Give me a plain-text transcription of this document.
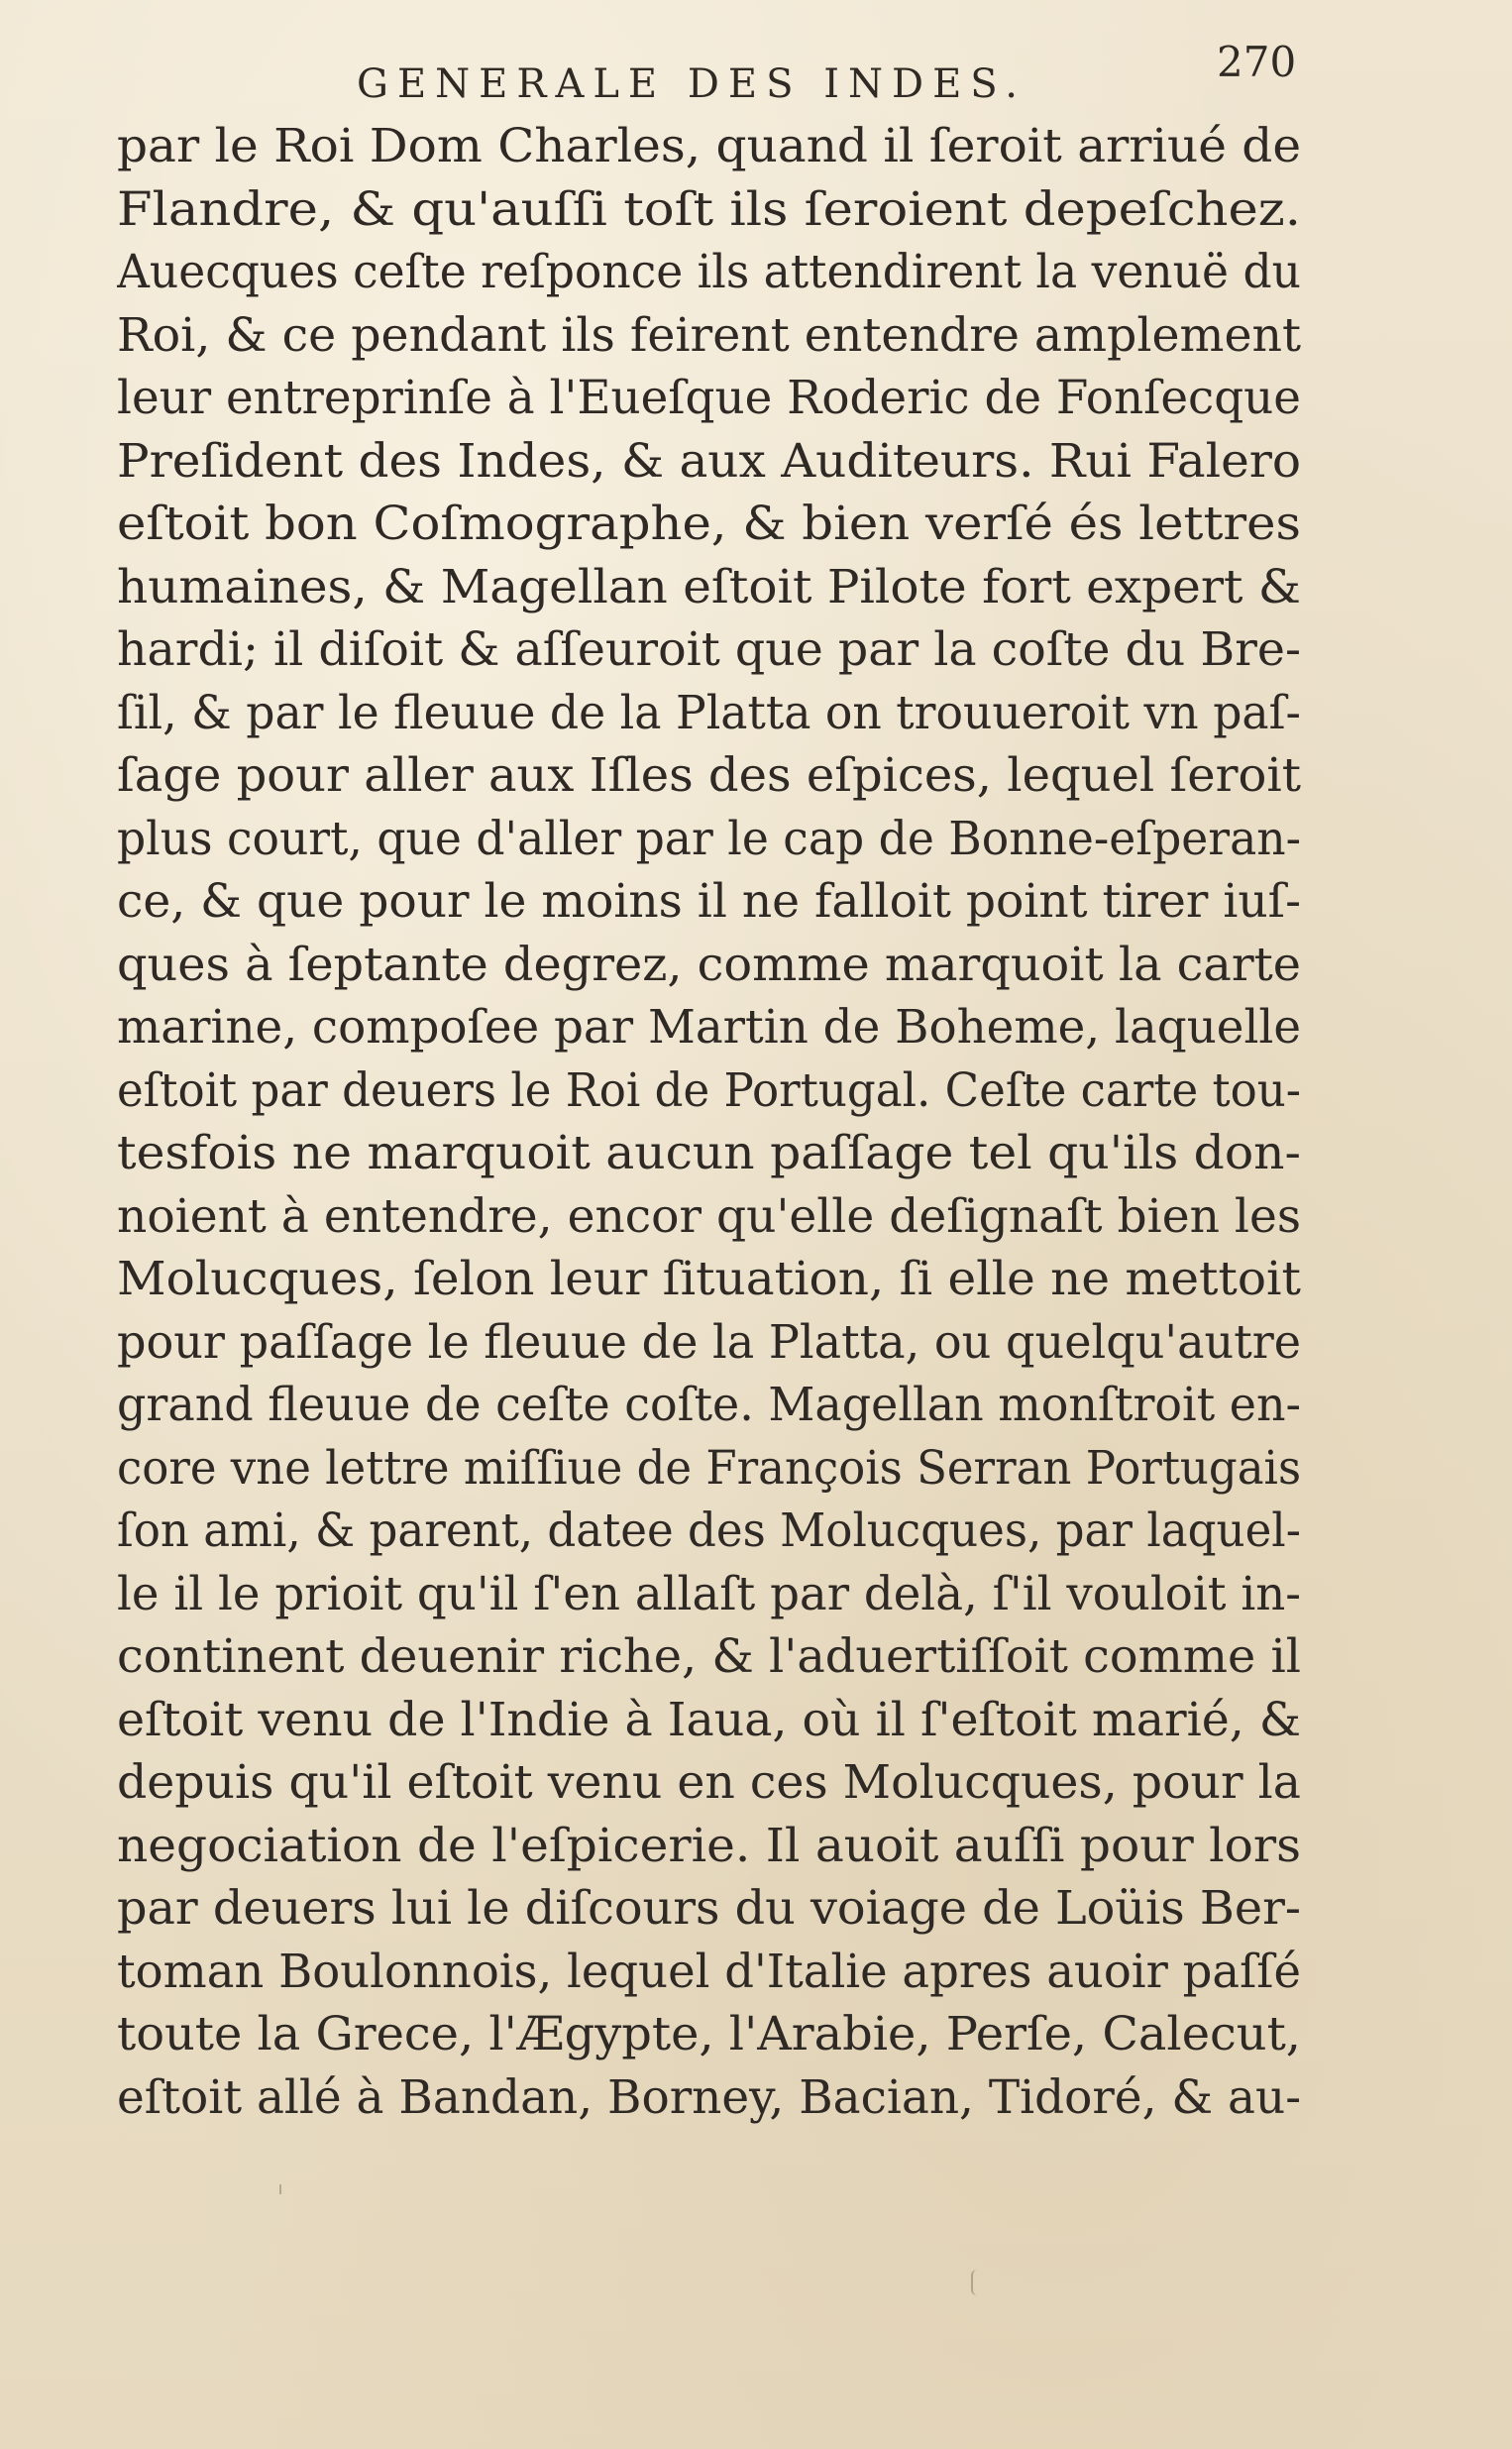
GENERALE DES INDES.	270
par le Roi Dom Charles, quand il ſeroit arriué de
Flandre, & qu'auſſi toſt ils ſeroient depeſchez.
Auecques ceſte reſponce ils attendirent la venuë du
Roi, & ce pendant ils feirent entendre amplement
leur entreprinſe à l'Eueſque Roderic de Fonſecque
Preſident des Indes, & aux Auditeurs. Rui Falero
eſtoit bon Coſmographe, & bien verſé és lettres
humaines, & Magellan eſtoit Pilote fort expert &
hardi; il diſoit & aſſeuroit que par la coſte du Bre-
ſil, & par le fleuue de la Platta on trouueroit vn paſ-
ſage pour aller aux Iſles des eſpices, lequel ſeroit
plus court, que d'aller par le cap de Bonne-eſperan-
ce, & que pour le moins il ne falloit point tirer iuſ-
ques à ſeptante degrez, comme marquoit la carte
marine, compoſee par Martin de Boheme, laquelle
eſtoit par deuers le Roi de Portugal. Ceſte carte tou-
tesfois ne marquoit aucun paſſage tel qu'ils don-
noient à entendre, encor qu'elle deſignaſt bien les
Molucques, ſelon leur ſituation, ſi elle ne mettoit
pour paſſage le fleuue de la Platta, ou quelqu'autre
grand fleuue de ceſte coſte. Magellan monſtroit en-
core vne lettre miſſiue de François Serran Portugais
ſon ami, & parent, datee des Molucques, par laquel-
le il le prioit qu'il ſ'en allaſt par delà, ſ'il vouloit in-
continent deuenir riche, & l'aduertiſſoit comme il
eſtoit venu de l'Indie à Iaua, où il ſ'eſtoit marié, &
depuis qu'il eſtoit venu en ces Molucques, pour la
negociation de l'eſpicerie. Il auoit auſſi pour lors
par deuers lui le diſcours du voiage de Loüis Ber-
toman Boulonnois, lequel d'Italie apres auoir paſſé
toute la Grece, l'Ægypte, l'Arabie, Perſe, Calecut,
eſtoit allé à Bandan, Borney, Bacian, Tidoré, & au-
